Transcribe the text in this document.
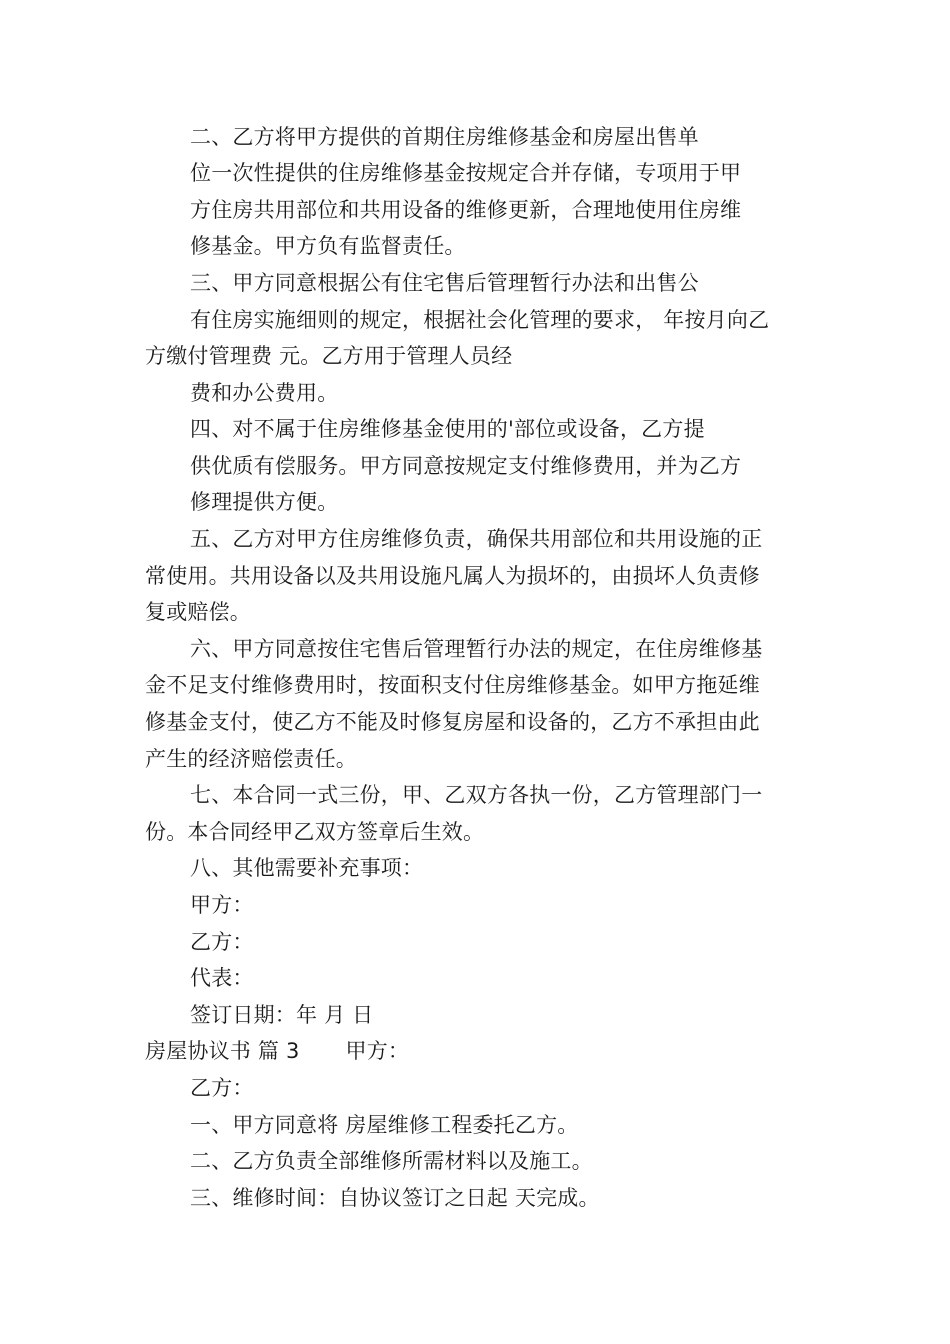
二、乙方将甲方提供的首期住房维修基金和房屋出售单
位一次性提供的住房维修基金按规定合并存储，专项用于甲
方住房共用部位和共用设备的维修更新，合理地使用住房维
修基金。甲方负有监督责任。
三、甲方同意根据公有住宅售后管理暂行办法和出售公
有住房实施细则的规定，根据社会化管理的要求， 年按月向乙
方缴付管理费 元。乙方用于管理人员经
费和办公费用。
四、对不属于住房维修基金使用的'部位或设备，乙方提
供优质有偿服务。甲方同意按规定支付维修费用，并为乙方
修理提供方便。
五、乙方对甲方住房维修负责，确保共用部位和共用设施的正
常使用。共用设备以及共用设施凡属人为损坏的，由损坏人负责修
复或赔偿。
六、甲方同意按住宅售后管理暂行办法的规定，在住房维修基
金不足支付维修费用时，按面积支付住房维修基金。如甲方拖延维
修基金支付，使乙方不能及时修复房屋和设备的，乙方不承担由此
产生的经济赔偿责任。
七、本合同一式三份，甲、乙双方各执一份，乙方管理部门一
份。本合同经甲乙双方签章后生效。
八、其他需要补充事项：
甲方：
乙方：
代表：
签订日期：年 月 日
房屋协议书 篇 3 甲方：
乙方：
一、甲方同意将 房屋维修工程委托乙方。
二、乙方负责全部维修所需材料以及施工。
三、维修时间：自协议签订之日起 天完成。
